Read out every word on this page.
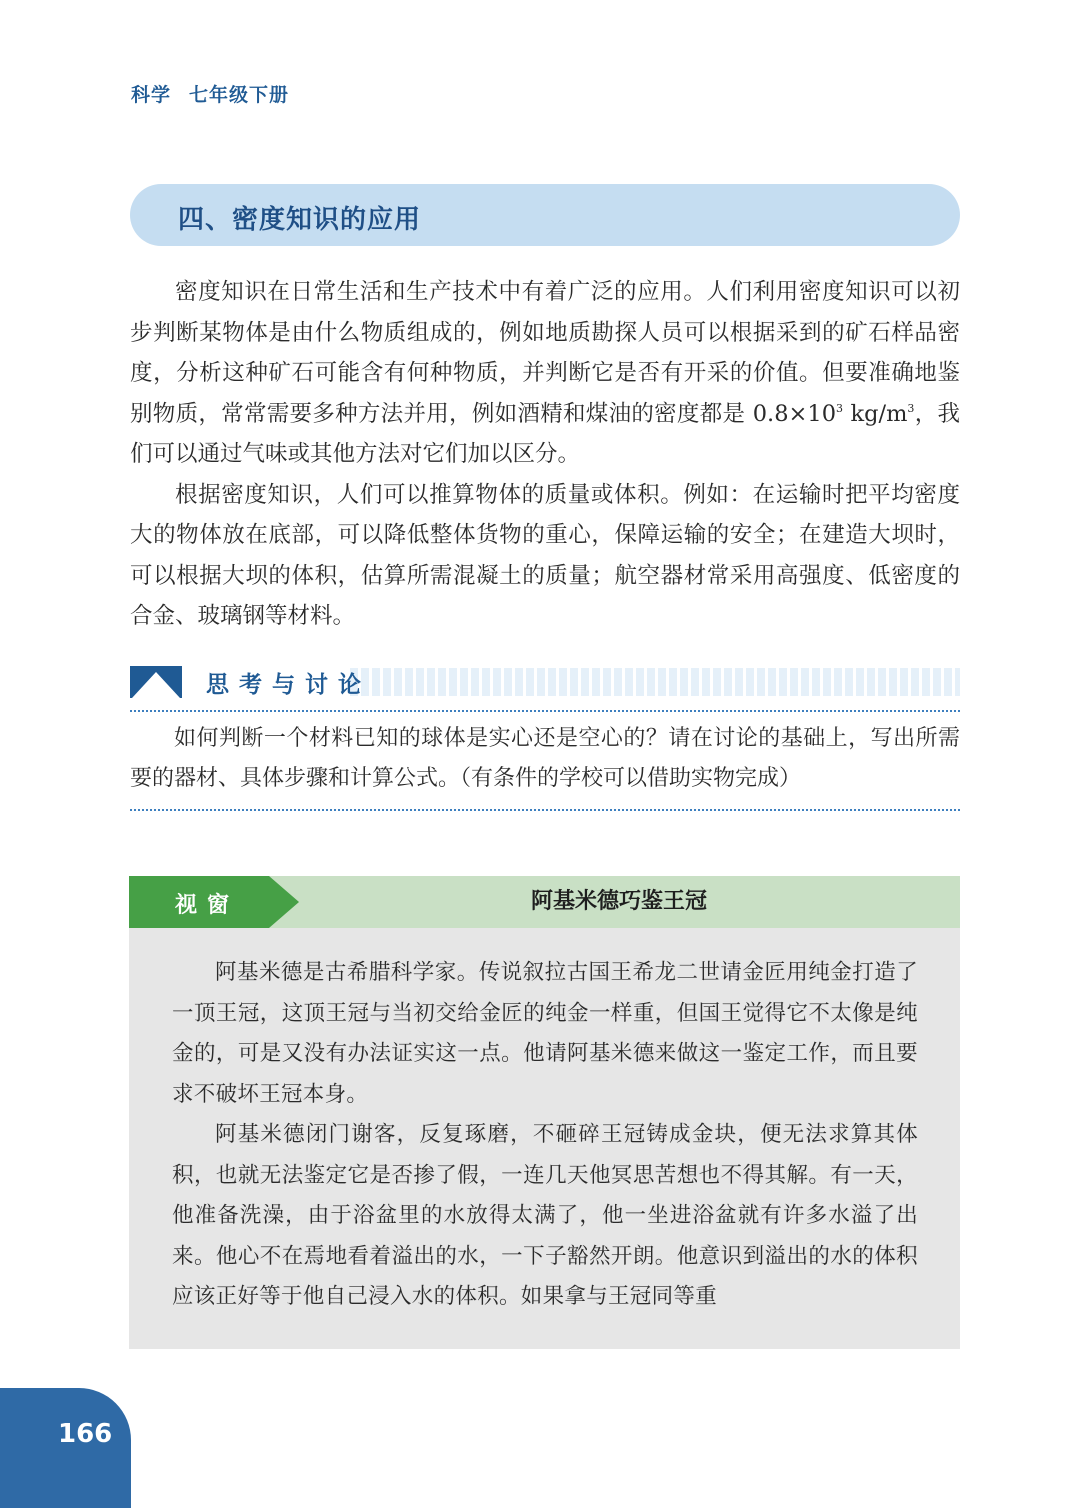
科学 七年级下册
四、密度知识的应用

密度知识在日常生活和生产技术中有着广泛的应用。人们利用密度知识可以初步判断某物体是由什么物质组成的，例如地质勘探人员可以根据采到的矿石样品密度，分析这种矿石可能含有何种物质，并判断它是否有开采的价值。但要准确地鉴别物质，常常需要多种方法并用，例如酒精和煤油的密度都是 $0.8\times 10^3$ $kg/m^3$，我们可以通过气味或其他方法对它们加以区分。

根据密度知识，人们可以推算物体的质量或体积。例如：在运输时把平均密度大的物体放在底部，可以降低整体货物的重心，保障运输的安全；在建造大坝时，可以根据大坝的体积，估算所需混凝土的质量；航空器材常采用高强度、低密度的合金、玻璃钢等材料。

思考与讨论

如何判断一个材料已知的球体是实心还是空心的？请在讨论的基础上，写出所需要的器材、具体步骤和计算公式。（有条件的学校可以借助实物完成）

视窗	阿基米德巧鉴王冠

阿基米德是古希腊科学家。传说叙拉古国王希龙二世请金匠用纯金打造了一顶王冠，这顶王冠与当初交给金匠的纯金一样重，但国王觉得它不太像是纯金的，可是又没有办法证实这一点。他请阿基米德来做这一鉴定工作，而且要求不破坏王冠本身。

阿基米德闭门谢客，反复琢磨，不砸碎王冠铸成金块，便无法求算其体积，也就无法鉴定它是否掺了假，一连几天他冥思苦想也不得其解。有一天，他准备洗澡，由于浴盆里的水放得太满了，他一坐进浴盆就有许多水溢了出来。他心不在焉地看着溢出的水，一下子豁然开朗。他意识到溢出的水的体积应该正好等于他自己浸入水的体积。如果拿与王冠同等重

166
